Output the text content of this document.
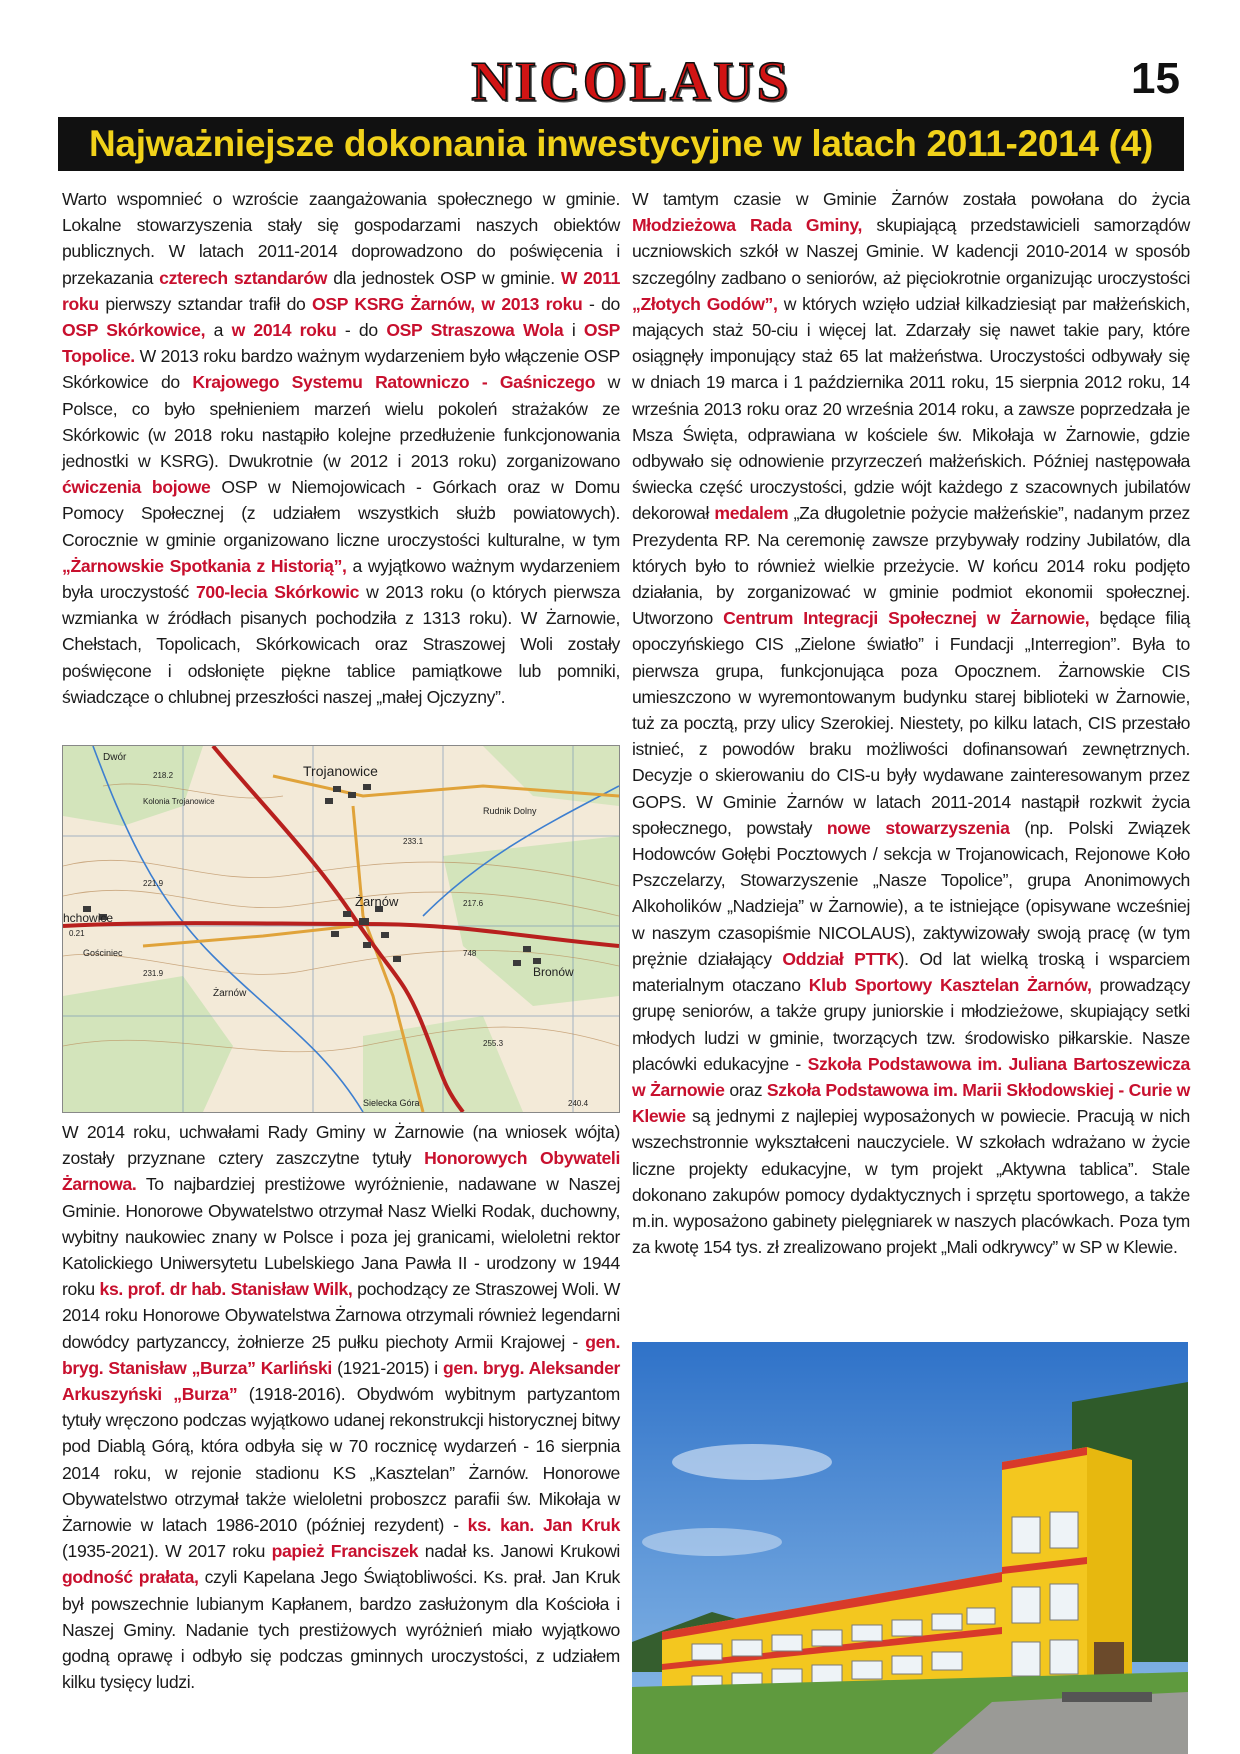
NICOLAUS	15
Najważniejsze dokonania inwestycyjne w latach 2011-2014 (4)

Warto wspomnieć o wzroście zaangażowania społecznego w gminie. Lokalne stowarzyszenia stały się gospodarzami naszych obiektów publicznych. W latach 2011-2014 doprowadzono do poświęcenia i przekazania czterech sztandarów dla jednostek OSP w gminie. W 2011 roku pierwszy sztandar trafił do OSP KSRG Żarnów, w 2013 roku - do OSP Skórkowice, a w 2014 roku - do OSP Straszowa Wola i OSP Topolice. W 2013 roku bardzo ważnym wydarzeniem było włączenie OSP Skórkowice do Krajowego Systemu Ratowniczo - Gaśniczego w Polsce, co było spełnieniem marzeń wielu pokoleń strażaków ze Skórkowic (w 2018 roku nastąpiło kolejne przedłużenie funkcjonowania jednostki w KSRG). Dwukrotnie (w 2012 i 2013 roku) zorganizowano ćwiczenia bojowe OSP w Niemojowicach - Górkach oraz w Domu Pomocy Społecznej (z udziałem wszystkich służb powiatowych). Corocznie w gminie organizowano liczne uroczystości kulturalne, w tym „Żarnowskie Spotkania z Historią”, a wyjątkowo ważnym wydarzeniem była uroczystość 700-lecia Skórkowic w 2013 roku (o których pierwsza wzmianka w źródłach pisanych pochodziła z 1313 roku). W Żarnowie, Chełstach, Topolicach, Skórkowicach oraz Straszowej Woli zostały poświęcone i odsłonięte piękne tablice pamiątkowe lub pomniki, świadczące o chlubnej przeszłości naszej „małej Ojczyzny”.

Dwór
Trojanowice
Kolonia Trojanowice
Rudnik Dolny
Żarnów
hchowice
Bronów
Sielecka Góra
Żarnów
Gościniec
218.2
221.9
231.9
217.6
233.1
0.21
255.3
240.4
748

W 2014 roku, uchwałami Rady Gminy w Żarnowie (na wniosek wójta) zostały przyznane cztery zaszczytne tytuły Honorowych Obywateli Żarnowa. To najbardziej prestiżowe wyróżnienie, nadawane w Naszej Gminie. Honorowe Obywatelstwo otrzymał Nasz Wielki Rodak, duchowny, wybitny naukowiec znany w Polsce i poza jej granicami, wieloletni rektor Katolickiego Uniwersytetu Lubelskiego Jana Pawła II - urodzony w 1944 roku ks. prof. dr hab. Stanisław Wilk, pochodzący ze Straszowej Woli. W 2014 roku Honorowe Obywatelstwa Żarnowa otrzymali również legendarni dowódcy partyzanccy, żołnierze 25 pułku piechoty Armii Krajowej - gen. bryg. Stanisław „Burza” Karliński (1921-2015) i gen. bryg. Aleksander Arkuszyński „Burza” (1918-2016). Obydwóm wybitnym partyzantom tytuły wręczono podczas wyjątkowo udanej rekonstrukcji historycznej bitwy pod Diablą Górą, która odbyła się w 70 rocznicę wydarzeń - 16 sierpnia 2014 roku, w rejonie stadionu KS „Kasztelan” Żarnów. Honorowe Obywatelstwo otrzymał także wieloletni proboszcz parafii św. Mikołaja w Żarnowie w latach 1986-2010 (później rezydent) - ks. kan. Jan Kruk (1935-2021). W 2017 roku papież Franciszek nadał ks. Janowi Krukowi godność prałata, czyli Kapelana Jego Świątobliwości. Ks. prał. Jan Kruk był powszechnie lubianym Kapłanem, bardzo zasłużonym dla Kościoła i Naszej Gminy. Nadanie tych prestiżowych wyróżnień miało wyjątkowo godną oprawę i odbyło się podczas gminnych uroczystości, z udziałem kilku tysięcy ludzi.

W tamtym czasie w Gminie Żarnów została powołana do życia Młodzieżowa Rada Gminy, skupiającą przedstawicieli samorządów uczniowskich szkół w Naszej Gminie. W kadencji 2010-2014 w sposób szczególny zadbano o seniorów, aż pięciokrotnie organizując uroczystości „Złotych Godów”, w których wzięło udział kilkadziesiąt par małżeńskich, mających staż 50-ciu i więcej lat. Zdarzały się nawet takie pary, które osiągnęły imponujący staż 65 lat małżeństwa. Uroczystości odbywały się w dniach 19 marca i 1 października 2011 roku, 15 sierpnia 2012 roku, 14 września 2013 roku oraz 20 września 2014 roku, a zawsze poprzedzała je Msza Święta, odprawiana w kościele św. Mikołaja w Żarnowie, gdzie odbywało się odnowienie przyrzeczeń małżeńskich. Później następowała świecka część uroczystości, gdzie wójt każdego z szacownych jubilatów dekorował medalem „Za długoletnie pożycie małżeńskie”, nadanym przez Prezydenta RP. Na ceremonię zawsze przybywały rodziny Jubilatów, dla których było to również wielkie przeżycie. W końcu 2014 roku podjęto działania, by zorganizować w gminie podmiot ekonomii społecznej. Utworzono Centrum Integracji Społecznej w Żarnowie, będące filią opoczyńskiego CIS „Zielone światło” i Fundacji „Interregion”. Była to pierwsza grupa, funkcjonująca poza Opocznem. Żarnowskie CIS umieszczono w wyremontowanym budynku starej biblioteki w Żarnowie, tuż za pocztą, przy ulicy Szerokiej. Niestety, po kilku latach, CIS przestało istnieć, z powodów braku możliwości dofinansowań zewnętrznych. Decyzje o skierowaniu do CIS-u były wydawane zainteresowanym przez GOPS. W Gminie Żarnów w latach 2011-2014 nastąpił rozkwit życia społecznego, powstały nowe stowarzyszenia (np. Polski Związek Hodowców Gołębi Pocztowych / sekcja w Trojanowicach, Rejonowe Koło Pszczelarzy, Stowarzyszenie „Nasze Topolice”, grupa Anonimowych Alkoholików „Nadzieja” w Żarnowie), a te istniejące (opisywane wcześniej w naszym czasopiśmie NICOLAUS), zaktywizowały swoją pracę (w tym prężnie działający Oddział PTTK). Od lat wielką troską i wsparciem materialnym otaczano Klub Sportowy Kasztelan Żarnów, prowadzący grupę seniorów, a także grupy juniorskie i młodzieżowe, skupiający setki młodych ludzi w gminie, tworzących tzw. środowisko piłkarskie. Nasze placówki edukacyjne - Szkoła Podstawowa im. Juliana Bartoszewicza w Żarnowie oraz Szkoła Podstawowa im. Marii Skłodowskiej - Curie w Klewie są jednymi z najlepiej wyposażonych w powiecie. Pracują w nich wszechstronnie wykształceni nauczyciele. W szkołach wdrażano w życie liczne projekty edukacyjne, w tym projekt „Aktywna tablica”. Stale dokonano zakupów pomocy dydaktycznych i sprzętu sportowego, a także m.in. wyposażono gabinety pielęgniarek w naszych placówkach. Poza tym za kwotę 154 tys. zł zrealizowano projekt „Mali odkrywcy” w SP w Klewie.
